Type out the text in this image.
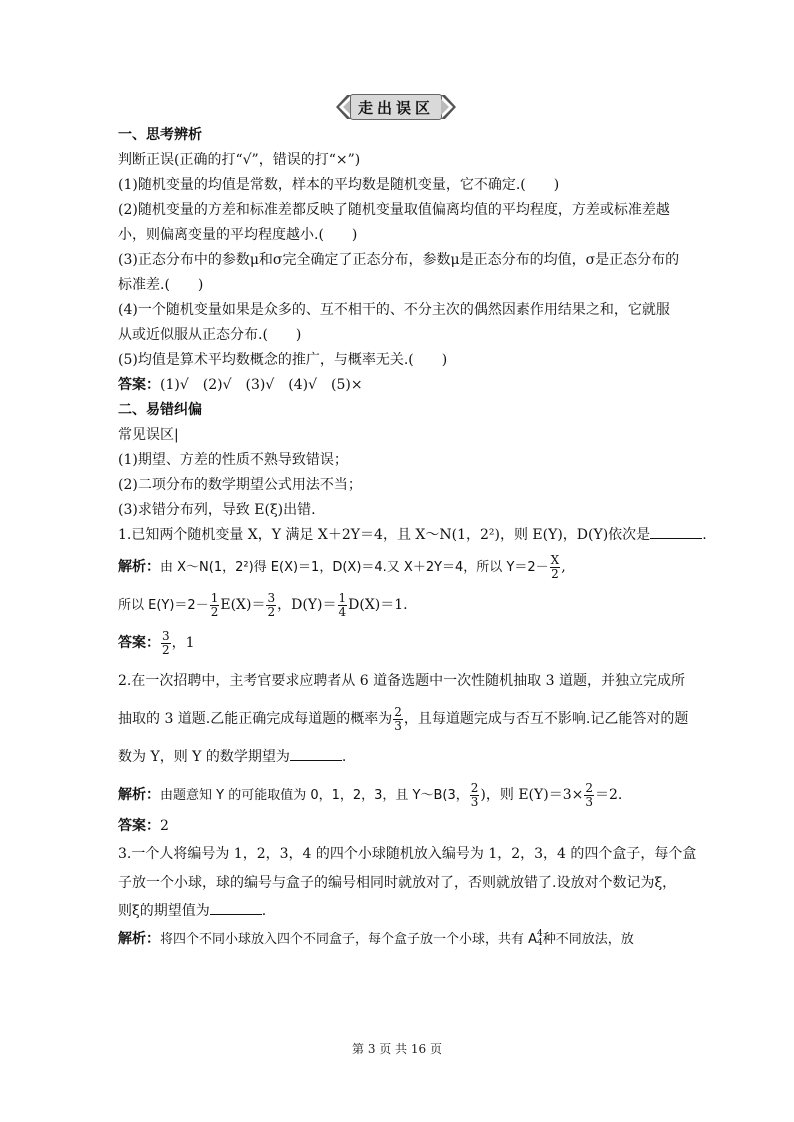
走出误区
一、思考辨析
判断正误(正确的打“√”，错误的打“×”)
(1)随机变量的均值是常数，样本的平均数是随机变量，它不确定.(　　)
(2)随机变量的方差和标准差都反映了随机变量取值偏离均值的平均程度，方差或标准差越
小，则偏离变量的平均程度越小.(　　)
(3)正态分布中的参数μ和σ完全确定了正态分布，参数μ是正态分布的均值，σ是正态分布的
标准差.(　　)
(4)一个随机变量如果是众多的、互不相干的、不分主次的偶然因素作用结果之和，它就服
从或近似服从正态分布.(　　)
(5)均值是算术平均数概念的推广，与概率无关.(　　)
答案：(1)√　(2)√　(3)√　(4)√　(5)×
二、易错纠偏
常见误区|
(1)期望、方差的性质不熟导致错误；
(2)二项分布的数学期望公式用法不当；
(3)求错分布列，导致 E(ξ)出错.
1.已知两个随机变量 X，Y 满足 X＋2Y＝4，且 X～N(1，2²)，则 E(Y)，D(Y)依次是	.
解析：由 X～N(1，2²)得 E(X)＝1，D(X)＝4.又 X＋2Y＝4，所以 $Y=2- \frac{X}{2}$ ,
所以 $E(Y)=2- \frac{1}{2} E(X)= \frac{3}{2}$ ，$D(Y)= \frac{1}{4} D(X)=1$.
答案： $\frac{3}{2}$ ，1
2.在一次招聘中，主考官要求应聘者从 6 道备选题中一次性随机抽取 3 道题，并独立完成所
抽取的 3 道题.乙能正确完成每道题的概率为 $\frac{2}{3}$ ，且每道题完成与否互不影响.记乙能答对的题
数为 Y，则 Y 的数学期望为	.
解析：由题意知 Y 的可能取值为 0，1，2，3，且 Y～B(3， $\frac{2}{3}$ )，则 $E(Y)=3\times \frac{2}{3} =2$.
答案：2
3.一个人将编号为 1，2，3，4 的四个小球随机放入编号为 1，2，3，4 的四个盒子，每个盒
子放一个小球，球的编号与盒子的编号相同时就放对了，否则就放错了.设放对个数记为ξ，
则ξ的期望值为	.
解析：将四个不同小球放入四个不同盒子，每个盒子放一个小球，共有 A 4
4 种不同放法，放
第 3 页 共 16 页
